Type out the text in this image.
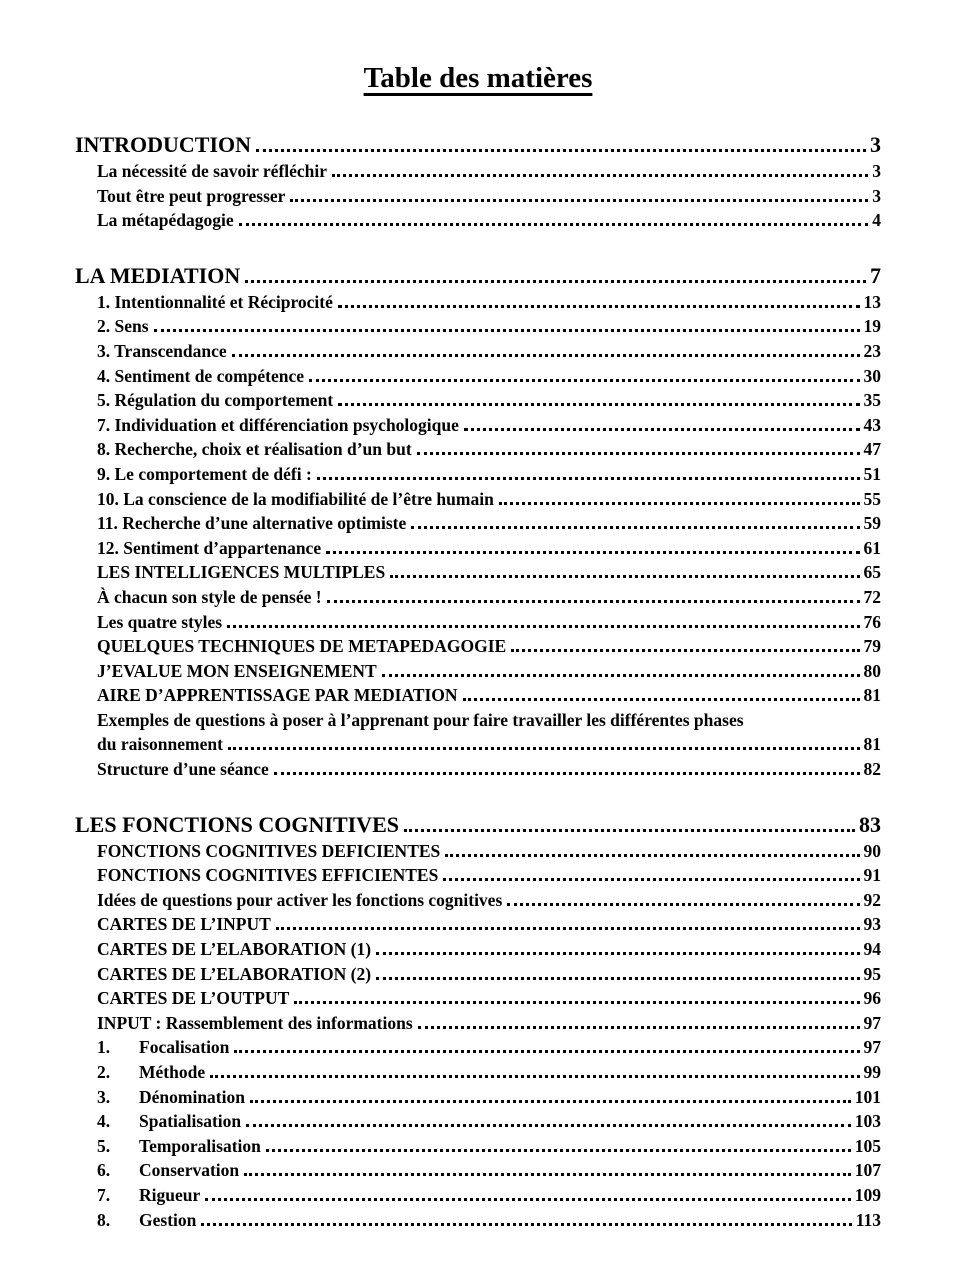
Table des matières
INTRODUCTION	3
La nécessité de savoir réfléchir	3
Tout être peut progresser	3
La métapédagogie	4
LA MEDIATION	7
1. Intentionnalité et Réciprocité	13
2. Sens	19
3. Transcendance	23
4. Sentiment de compétence	30
5. Régulation du comportement	35
7. Individuation et différenciation psychologique	43
8. Recherche, choix et réalisation d’un but	47
9. Le comportement de défi :	51
10. La conscience de la modifiabilité de l’être humain	55
11. Recherche d’une alternative optimiste	59
12. Sentiment d’appartenance	61
LES INTELLIGENCES MULTIPLES	65
À chacun son style de pensée !	72
Les quatre styles	76
QUELQUES TECHNIQUES DE METAPEDAGOGIE	79
J’EVALUE MON ENSEIGNEMENT	80
AIRE D’APPRENTISSAGE PAR MEDIATION	81
Exemples de questions à poser à l’apprenant pour faire travailler les différentes phases
du raisonnement	81
Structure d’une séance	82
LES FONCTIONS COGNITIVES	83
FONCTIONS COGNITIVES DEFICIENTES	90
FONCTIONS COGNITIVES EFFICIENTES	91
Idées de questions pour activer les fonctions cognitives	92
CARTES DE L’INPUT	93
CARTES DE L’ELABORATION (1)	94
CARTES DE L’ELABORATION (2)	95
CARTES DE L’OUTPUT	96
INPUT : Rassemblement des informations	97
1.	Focalisation	97
2.	Méthode	99
3.	Dénomination	101
4.	Spatialisation	103
5.	Temporalisation	105
6.	Conservation	107
7.	Rigueur	109
8.	Gestion	113
